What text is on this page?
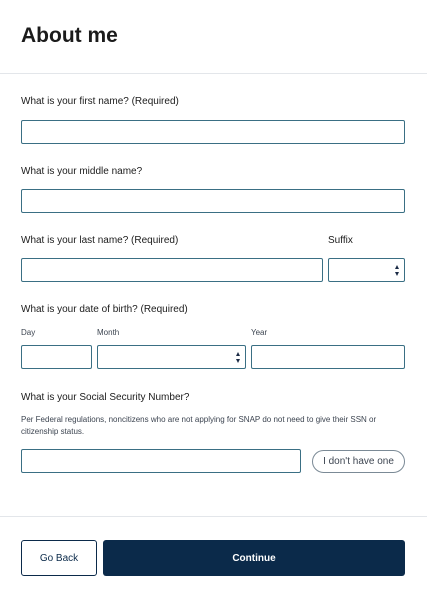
About me
What is your first name? (Required)
What is your middle name?
What is your last name? (Required)	Suffix
What is your date of birth? (Required)
Day	Month	Year
What is your Social Security Number?
Per Federal regulations, noncitizens who are not applying for SNAP do not need to give their SSN or citizenship status.
I don't have one
Go Back	Continue
